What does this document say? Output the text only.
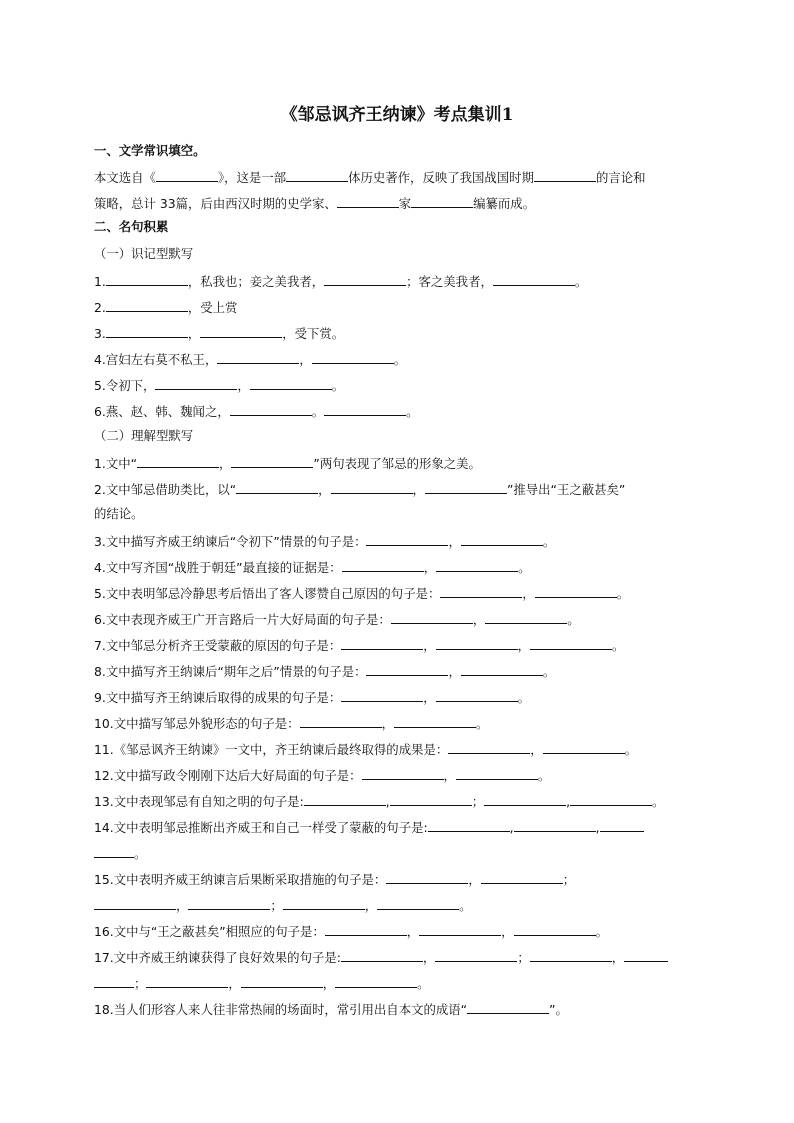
《邹忌讽齐王纳谏》考点集训1
一、文学常识填空。
本文选自《	》，这是一部	体历史著作，反映了我国战国时期	的言论和
策略，总计 33篇，后由西汉时期的史学家、	家	编纂而成。
二、名句积累
（一）识记型默写
1.	，私我也；妾之美我者，	；客之美我者，	。
2.	，受上赏
3.	，	，受下赏。
4.宫妇左右莫不私王，	，	。
5.令初下，	，	。
6.燕、赵、韩、魏闻之，	。	。
（二）理解型默写
1.文中“	，	”两句表现了邹忌的形象之美。
2.文中邹忌借助类比，以“	，	，	”推导出“王之蔽甚矣”
的结论。
3.文中描写齐威王纳谏后“令初下”情景的句子是：	，	。
4.文中写齐国“战胜于朝廷”最直接的证据是：	，	。
5.文中表明邹忌冷静思考后悟出了客人谬赞自己原因的句子是：	，	。
6.文中表现齐威王广开言路后一片大好局面的句子是：	，	。
7.文中邹忌分析齐王受蒙蔽的原因的句子是：	，	，	。
8.文中描写齐王纳谏后“期年之后”情景的句子是：	，	。
9.文中描写齐王纳谏后取得的成果的句子是：	，	。
10.文中描写邹忌外貌形态的句子是：	，	。
11.《邹忌讽齐王纳谏》一文中，齐王纳谏后最终取得的成果是：	，	。
12.文中描写政令刚刚下达后大好局面的句子是：	，	。
13.文中表现邹忌有自知之明的句子是:	,	；	,	。
14.文中表明邹忌推断出齐威王和自己一样受了蒙蔽的句子是:	,	,
。
15.文中表明齐威王纳谏言后果断采取措施的句子是：	，	；
，	；	，	。
16.文中与“王之蔽甚矣”相照应的句子是：	，	，	。
17.文中齐威王纳谏获得了良好效果的句子是:	，	；	，
；	，	，	。
18.当人们形容人来人往非常热闹的场面时，常引用出自本文的成语“	”。
